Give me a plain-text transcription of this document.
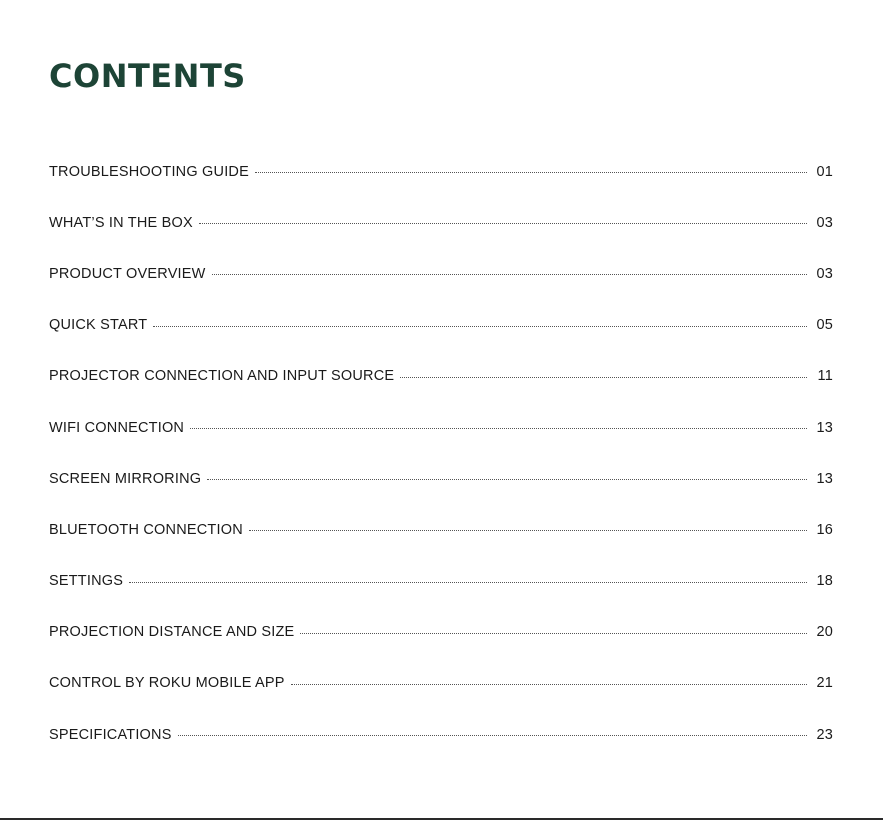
CONTENTS
TROUBLESHOOTING GUIDE	01
WHAT’S IN THE BOX	03
PRODUCT OVERVIEW	03
QUICK START	05
PROJECTOR CONNECTION AND INPUT SOURCE	11
WIFI CONNECTION	13
SCREEN MIRRORING	13
BLUETOOTH CONNECTION	16
SETTINGS	18
PROJECTION DISTANCE AND SIZE	20
CONTROL BY ROKU MOBILE APP	21
SPECIFICATIONS	23
